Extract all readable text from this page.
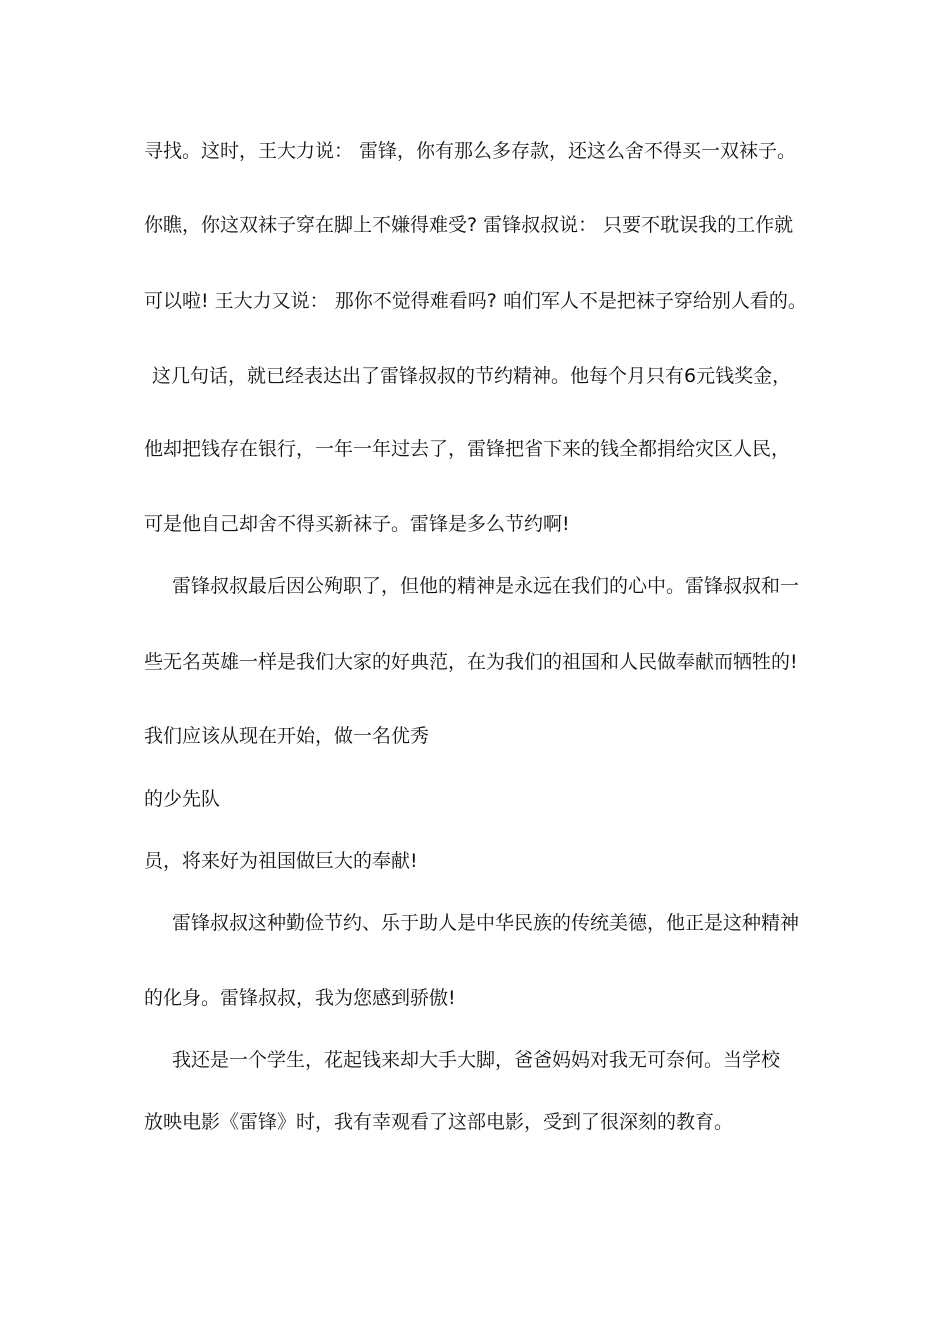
寻找。这时，王大力说： 雷锋，你有那么多存款，还这么舍不得买一双袜子。
你瞧，你这双袜子穿在脚上不嫌得难受? 雷锋叔叔说： 只要不耽误我的工作就
可以啦! 王大力又说： 那你不觉得难看吗? 咱们军人不是把袜子穿给别人看的。
这几句话，就已经表达出了雷锋叔叔的节约精神。他每个月只有6元钱奖金，
他却把钱存在银行，一年一年过去了，雷锋把省下来的钱全都捐给灾区人民，
可是他自己却舍不得买新袜子。雷锋是多么节约啊!
雷锋叔叔最后因公殉职了，但他的精神是永远在我们的心中。雷锋叔叔和一
些无名英雄一样是我们大家的好典范，在为我们的祖国和人民做奉献而牺牲的!
我们应该从现在开始，做一名优秀
的少先队
员，将来好为祖国做巨大的奉献!
雷锋叔叔这种勤俭节约、乐于助人是中华民族的传统美德，他正是这种精神
的化身。雷锋叔叔，我为您感到骄傲!
我还是一个学生，花起钱来却大手大脚，爸爸妈妈对我无可奈何。当学校
放映电影《雷锋》时，我有幸观看了这部电影，受到了很深刻的教育。
